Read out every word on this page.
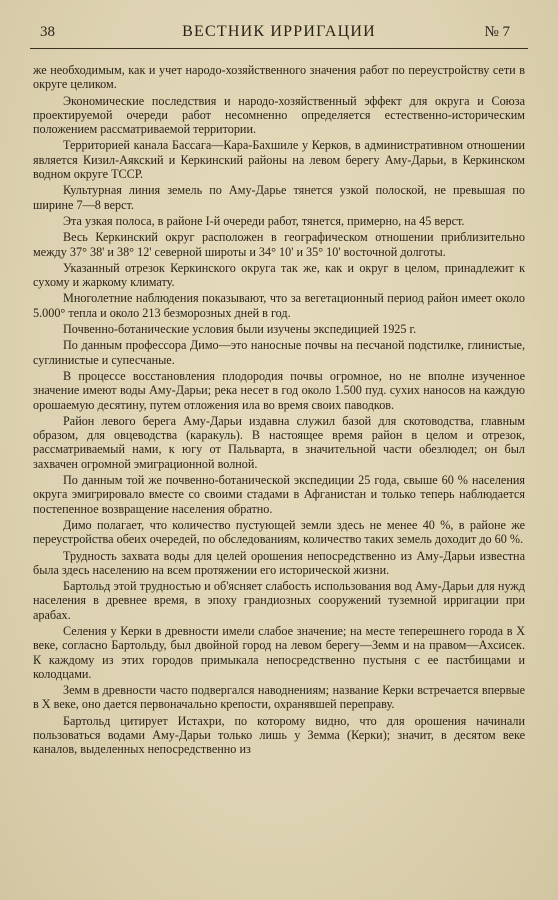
38	ВЕСТНИК ИРРИГАЦИИ	№ 7

же необходимым, как и учет народо-хозяйственного значения работ по переустройству сети в округе целиком.

Экономические последствия и народо-хозяйственный эффект для округа и Союза проектируемой очереди работ несомненно определяется естественно-историческим положением рассматриваемой территории.

Территорией канала Бассага—Кара-Бахшиле у Керков, в административном отношении является Кизил-Аякский и Керкинский районы на левом берегу Аму-Дарьи, в Керкинском водном округе ТССР.

Культурная линия земель по Аму-Дарье тянется узкой полоской, не превышая по ширине 7—8 верст.

Эта узкая полоса, в районе I-й очереди работ, тянется, примерно, на 45 верст.

Весь Керкинский округ расположен в географическом отношении приблизительно между 37° 38' и 38° 12' северной широты и 34° 10' и 35° 10' восточной долготы.

Указанный отрезок Керкинского округа так же, как и округ в целом, принадлежит к сухому и жаркому климату.

Многолетние наблюдения показывают, что за вегетационный период район имеет около 5.000° тепла и около 213 безморозных дней в год.

Почвенно-ботанические условия были изучены экспедицией 1925 г.

По данным профессора Димо—это наносные почвы на песчаной подстилке, глинистые, суглинистые и супесчаные.

В процессе восстановления плодородия почвы огромное, но не вполне изученное значение имеют воды Аму-Дарьи; река несет в год около 1.500 пуд. сухих наносов на каждую орошаемую десятину, путем отложения ила во время своих паводков.

Район левого берега Аму-Дарьи издавна служил базой для скотоводства, главным образом, для овцеводства (каракуль). В настоящее время район в целом и отрезок, рассматриваемый нами, к югу от Пальварта, в значительной части обезлюдел; он был захвачен огромной эмиграционной волной.

По данным той же почвенно-ботанической экспедиции 25 года, свыше 60 % населения округа эмигрировало вместе со своими стадами в Афганистан и только теперь наблюдается постепенное возвращение населения обратно.

Димо полагает, что количество пустующей земли здесь не менее 40 %, в районе же переустройства обеих очередей, по обследованиям, количество таких земель доходит до 60 %.

Трудность захвата воды для целей орошения непосредственно из Аму-Дарьи известна была здесь населению на всем протяжении его исторической жизни.

Бартольд этой трудностью и об'ясняет слабость использования вод Аму-Дарьи для нужд населения в древнее время, в эпоху грандиозных сооружений туземной ирригации при арабах.

Селения у Керки в древности имели слабое значение; на месте теперешнего города в Х веке, согласно Бартольду, был двойной город на левом берегу—Земм и на правом—Ахсисек. К каждому из этих городов примыкала непосредственно пустыня с ее пастбищами и колодцами.

Земм в древности часто подвергался наводнениям; название Керки встречается впервые в Х веке, оно дается первоначально крепости, охранявшей переправу.

Бартольд цитирует Истахри, по которому видно, что для орошения начинали пользоваться водами Аму-Дарьи только лишь у Земма (Керки); значит, в десятом веке каналов, выделенных непосредственно из
